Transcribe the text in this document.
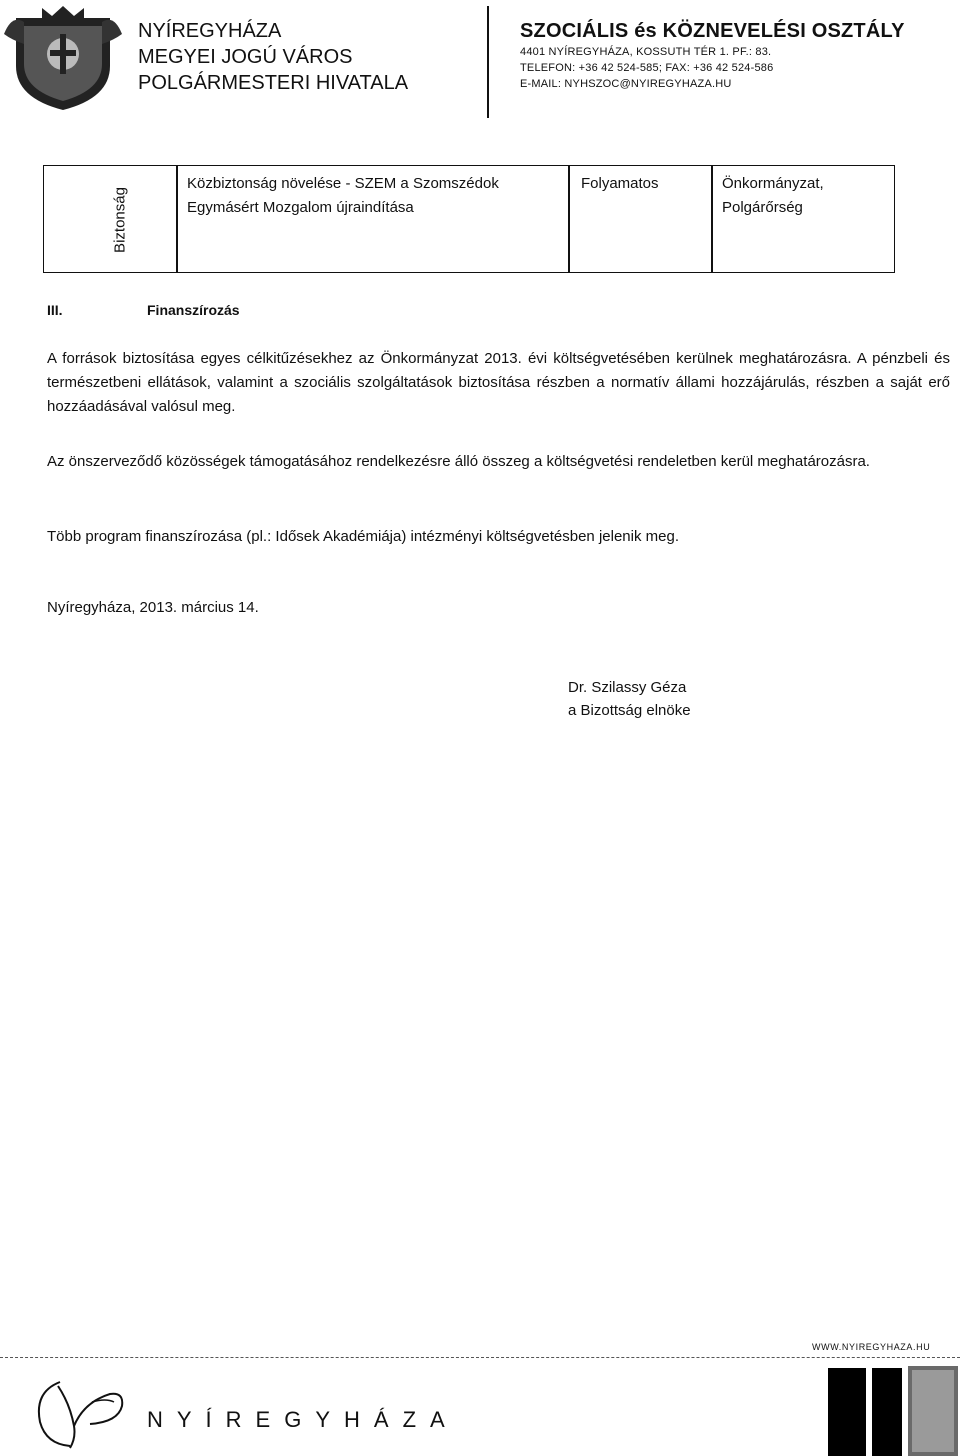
NYÍREGYHÁZA
MEGYEI JOGÚ VÁROS
POLGÁRMESTERI HIVATALA
SZOCIÁLIS és KÖZNEVELÉSI OSZTÁLY
4401 NYÍREGYHÁZA, KOSSUTH TÉR 1. PF.: 83.
TELEFON: +36 42 524-585; FAX: +36 42 524-586
E-MAIL: NYHSZOC@NYIREGYHAZA.HU
Biztonság
Közbiztonság növelése - SZEM a Szomszédok
Egymásért Mozgalom újraindítása
Folyamatos	Önkormányzat,
Polgárőrség
III.	Finanszírozás
A források biztosítása egyes célkitűzésekhez az Önkormányzat 2013. évi költségvetésében kerülnek meghatározásra. A pénzbeli és természetbeni ellátások, valamint a szociális szolgáltatások biztosítása részben a normatív állami hozzájárulás, részben a saját erő hozzáadásával valósul meg.
Az önszerveződő közösségek támogatásához rendelkezésre álló összeg a költségvetési rendeletben kerül meghatározásra.
Több program finanszírozása (pl.: Idősek Akadémiája) intézményi költségvetésben jelenik meg.
Nyíregyháza, 2013. március 14.
Dr. Szilassy Géza
a Bizottság elnöke
WWW.NYIREGYHAZA.HU
NYÍREGYHÁZA
